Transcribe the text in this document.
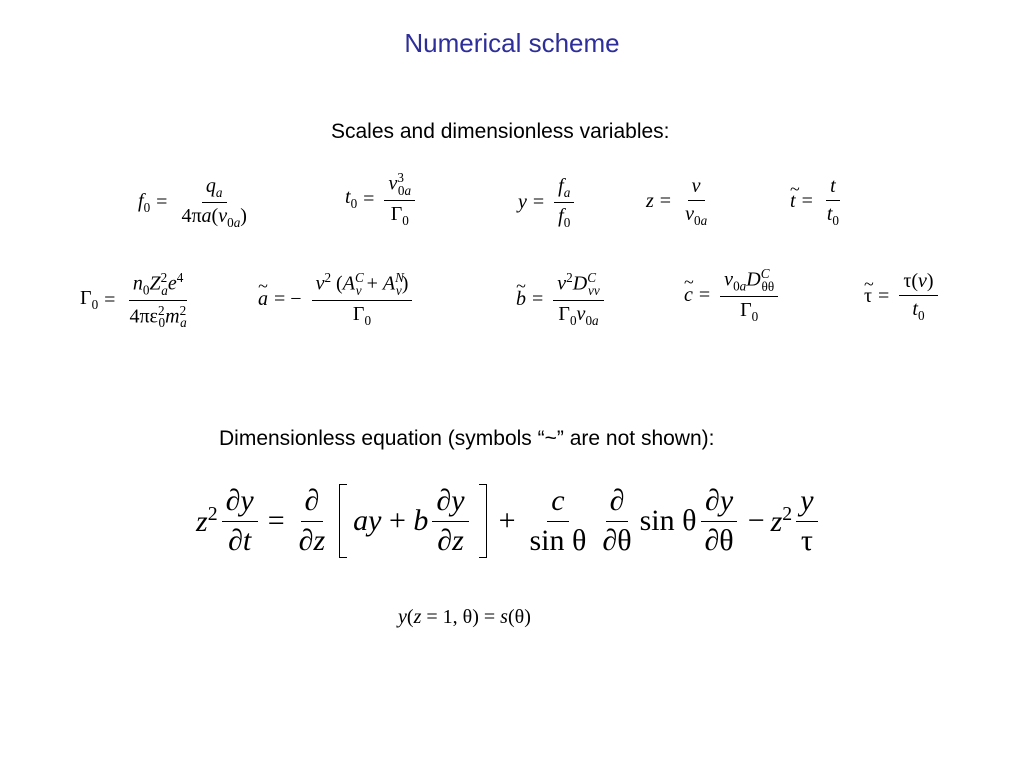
Numerical scheme
Scales and dimensionless variables:
$f_0 = \frac{q_a}{4\pi a(v_{0a})}$	$t_0 = \frac{v^3_{0a}}{\Gamma_0}$	$y = \frac{f_a}{f_0}$	$z = \frac{v}{v_{0a}}$	~ $t = \frac{t}{t_0}$
$\Gamma_0 = \frac{n_0Z^2_ae^4}{4\pi\varepsilon^2_0m^2_a}$	~ a = − $\frac{v^2 (A^C_v + A^N_v)}{\Gamma_0}$	~ $b = \frac{v^2D^C_{vv}}{\Gamma_0v_{0a}}$	~ $c = \frac{v_{0a}D^C_{\theta\theta}}{\Gamma_0}$	~ $\tau = \frac{\tau(v)}{t_0}$
Dimensionless equation (symbols “~” are not shown):
$z^2 \frac{\partial y}{\partial t} = \frac{\partial}{\partial z}$ ay + b $\frac{\partial y}{\partial z} + \frac{c}{\text{sin θ}} \frac{\partial}{\partial\theta}$ sin θ $\frac{\partial y}{\partial\theta} - z^2 \frac{y}{\tau}$
y(z = 1, θ) = s(θ)
